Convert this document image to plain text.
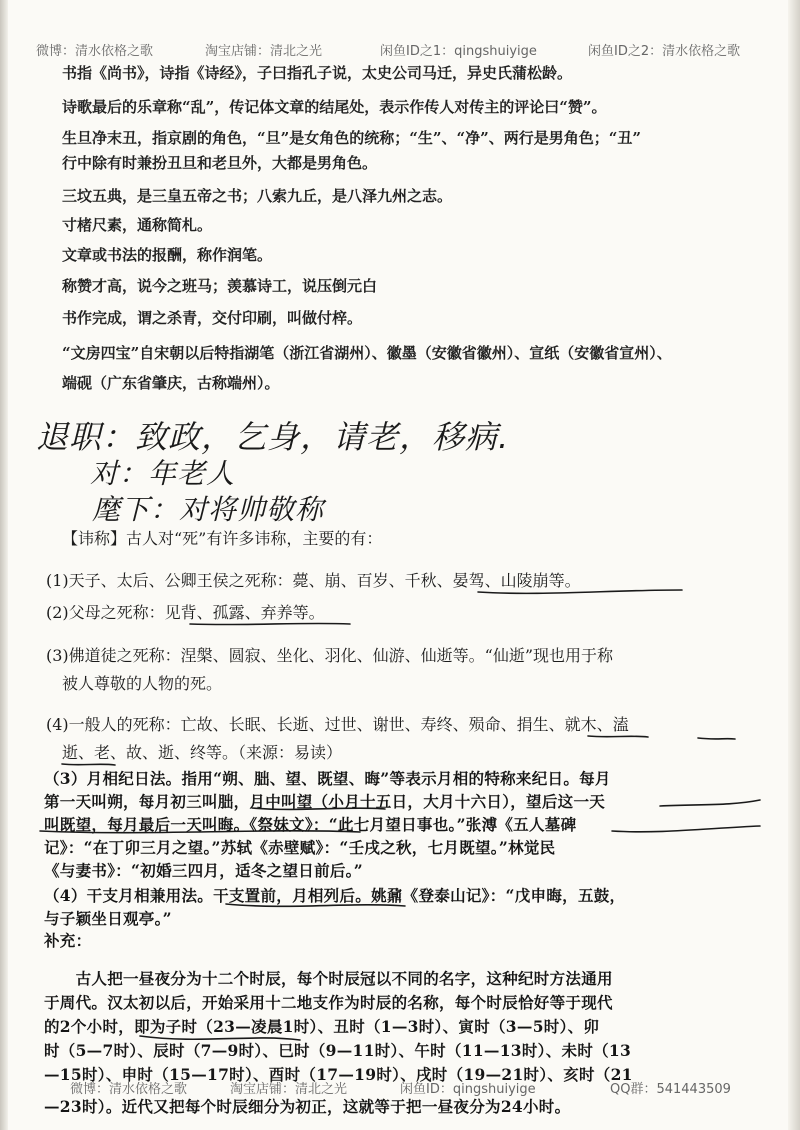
微博：清水依格之歌	淘宝店铺：清北之光	闲鱼ID之1：qingshuiyige	闲鱼ID之2：清水依格之歌
书指《尚书》，诗指《诗经》，子曰指孔子说，太史公司马迁，异史氏蒲松龄。
诗歌最后的乐章称“乱”，传记体文章的结尾处，表示作传人对传主的评论曰“赞”。
生旦净末丑，指京剧的角色，“旦”是女角色的统称；“生”、“净”、两行是男角色；“丑”
行中除有时兼扮丑旦和老旦外，大都是男角色。
三坟五典，是三皇五帝之书；八索九丘，是八泽九州之志。
寸楮尺素，通称简札。
文章或书法的报酬，称作润笔。
称赞才高，说今之班马；羡慕诗工，说压倒元白
书作完成，谓之杀青，交付印刷，叫做付梓。
“文房四宝”自宋朝以后特指湖笔（浙江省湖州）、徽墨（安徽省徽州）、宣纸（安徽省宣州）、
端砚（广东省肇庆，古称端州）。
退职：致政，乞身，请老，移病.
对：年老人
麾下：对将帅敬称
【讳称】古人对“死”有许多讳称，主要的有：
(1)天子、太后、公卿王侯之死称：薨、崩、百岁、千秋、晏驾、山陵崩等。
(2)父母之死称：见背、孤露、弃养等。
(3)佛道徒之死称：涅槃、圆寂、坐化、羽化、仙游、仙逝等。“仙逝”现也用于称
被人尊敬的人物的死。
(4)一般人的死称：亡故、长眠、长逝、过世、谢世、寿终、殒命、捐生、就木、溘
逝、老、故、逝、终等。（来源：易读）
（3）月相纪日法。指用“朔、朏、望、既望、晦”等表示月相的特称来纪日。每月
第一天叫朔，每月初三叫朏，月中叫望（小月十五日，大月十六日），望后这一天
叫既望，每月最后一天叫晦。《祭妹文》：“此七月望日事也。”张溥《五人墓碑
记》：“在丁卯三月之望。”苏轼《赤壁赋》：“壬戌之秋，七月既望。”林觉民
《与妻书》：“初婚三四月，适冬之望日前后。”
（4）干支月相兼用法。干支置前，月相列后。姚鼐《登泰山记》：“戊申晦，五鼓，
与子颖坐日观亭。”
补充：
　　古人把一昼夜分为十二个时辰，每个时辰冠以不同的名字，这种纪时方法通用
于周代。汉太初以后，开始采用十二地支作为时辰的名称，每个时辰恰好等于现代
的2个小时，即为子时（23—凌晨1时）、丑时（1—3时）、寅时（3—5时）、卯
时（5—7时）、辰时（7—9时）、巳时（9—11时）、午时（11—13时）、未时（13
—15时）、申时（15—17时）、酉时（17—19时）、戌时（19—21时）、亥时（21
—23时）。近代又把每个时辰细分为初正，这就等于把一昼夜分为24小时。
微博：清水依格之歌	淘宝店铺：清北之光	闲鱼ID：qingshuiyige	QQ群：541443509
